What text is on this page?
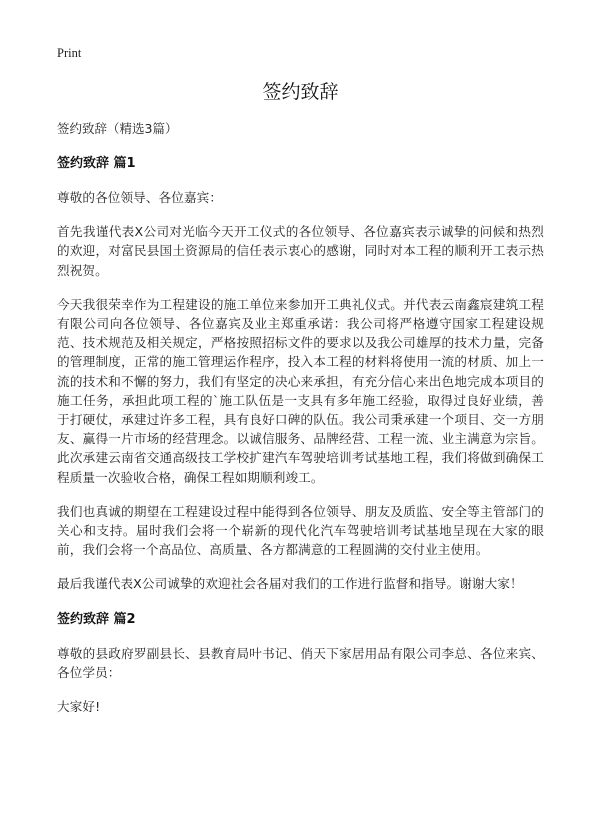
Print
签约致辞
签约致辞（精选3篇）
签约致辞 篇1

尊敬的各位领导、各位嘉宾：

首先我谨代表X公司对光临今天开工仪式的各位领导、各位嘉宾表示诚挚的问候和热烈的欢迎，对富民县国土资源局的信任表示衷心的感谢，同时对本工程的顺利开工表示热烈祝贺。

今天我很荣幸作为工程建设的施工单位来参加开工典礼仪式。并代表云南鑫宸建筑工程有限公司向各位领导、各位嘉宾及业主郑重承诺：我公司将严格遵守国家工程建设规范、技术规范及相关规定，严格按照招标文件的要求以及我公司雄厚的技术力量，完备的管理制度，正常的施工管理运作程序，投入本工程的材料将使用一流的材质、加上一流的技术和不懈的努力，我们有坚定的决心来承担，有充分信心来出色地完成本项目的施工任务，承担此项工程的`施工队伍是一支具有多年施工经验，取得过良好业绩，善于打硬仗，承建过许多工程，具有良好口碑的队伍。我公司秉承建一个项目、交一方朋友、赢得一片市场的经营理念。以诚信服务、品牌经营、工程一流、业主满意为宗旨。此次承建云南省交通高级技工学校扩建汽车驾驶培训考试基地工程，我们将做到确保工程质量一次验收合格，确保工程如期顺利竣工。

我们也真诚的期望在工程建设过程中能得到各位领导、朋友及质监、安全等主管部门的关心和支持。届时我们会将一个崭新的现代化汽车驾驶培训考试基地呈现在大家的眼前，我们会将一个高品位、高质量、各方都满意的工程圆满的交付业主使用。

最后我谨代表X公司诚挚的欢迎社会各届对我们的工作进行监督和指导。谢谢大家！

签约致辞 篇2

尊敬的县政府罗副县长、县教育局叶书记、俏天下家居用品有限公司李总、各位来宾、各位学员：

大家好!
